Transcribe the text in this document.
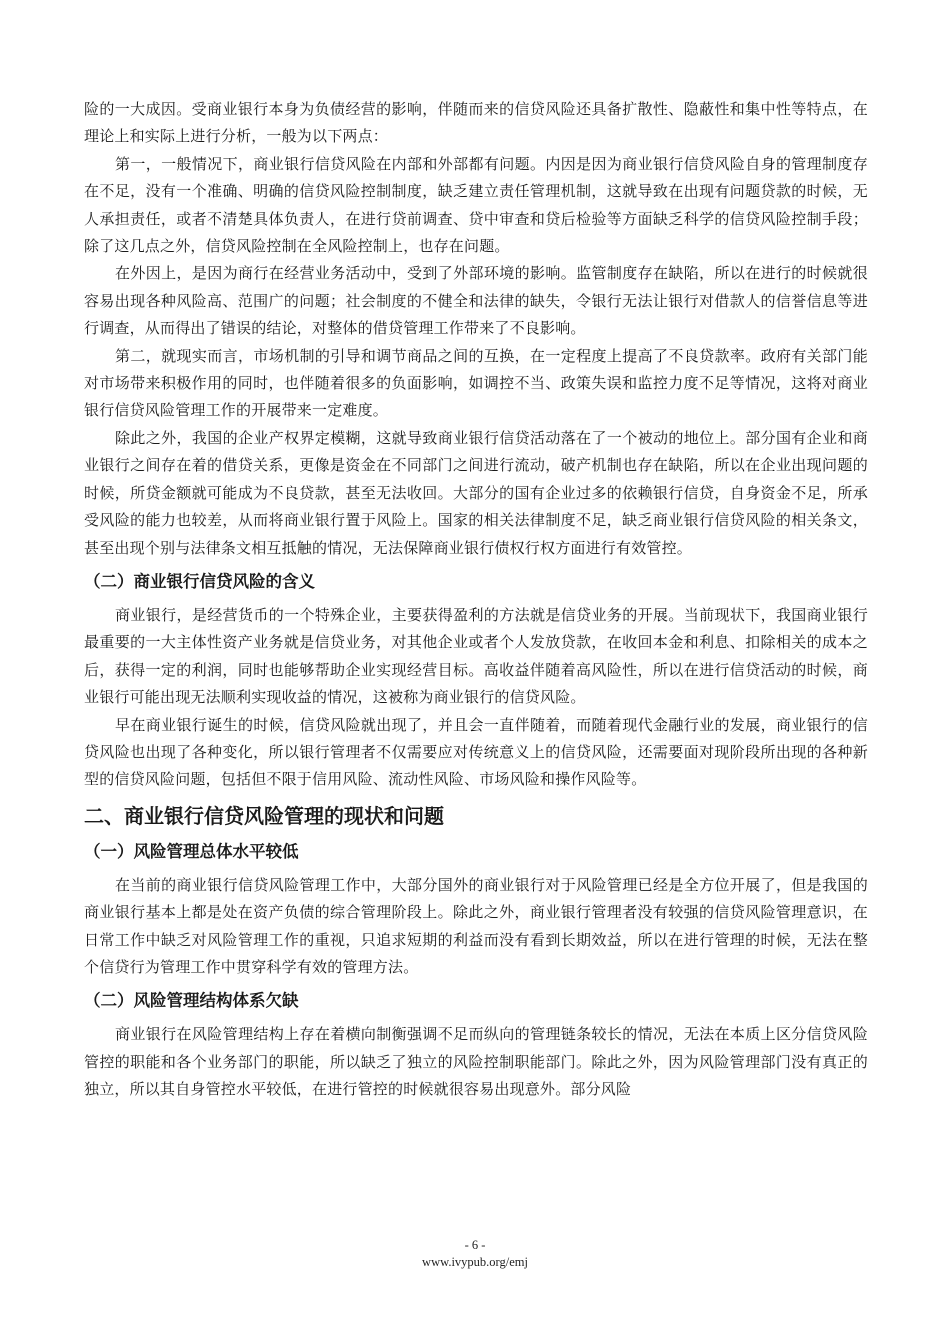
险的一大成因。受商业银行本身为负债经营的影响，伴随而来的信贷风险还具备扩散性、隐蔽性和集中性等特点，在理论上和实际上进行分析，一般为以下两点：

第一，一般情况下，商业银行信贷风险在内部和外部都有问题。内因是因为商业银行信贷风险自身的管理制度存在不足，没有一个准确、明确的信贷风险控制制度，缺乏建立责任管理机制，这就导致在出现有问题贷款的时候，无人承担责任，或者不清楚具体负责人，在进行贷前调查、贷中审查和贷后检验等方面缺乏科学的信贷风险控制手段；除了这几点之外，信贷风险控制在全风险控制上，也存在问题。

在外因上，是因为商行在经营业务活动中，受到了外部环境的影响。监管制度存在缺陷，所以在进行的时候就很容易出现各种风险高、范围广的问题；社会制度的不健全和法律的缺失，令银行无法让银行对借款人的信誉信息等进行调查，从而得出了错误的结论，对整体的借贷管理工作带来了不良影响。

第二，就现实而言，市场机制的引导和调节商品之间的互换，在一定程度上提高了不良贷款率。政府有关部门能对市场带来积极作用的同时，也伴随着很多的负面影响，如调控不当、政策失误和监控力度不足等情况，这将对商业银行信贷风险管理工作的开展带来一定难度。

除此之外，我国的企业产权界定模糊，这就导致商业银行信贷活动落在了一个被动的地位上。部分国有企业和商业银行之间存在着的借贷关系，更像是资金在不同部门之间进行流动，破产机制也存在缺陷，所以在企业出现问题的时候，所贷金额就可能成为不良贷款，甚至无法收回。大部分的国有企业过多的依赖银行信贷，自身资金不足，所承受风险的能力也较差，从而将商业银行置于风险上。国家的相关法律制度不足，缺乏商业银行信贷风险的相关条文，甚至出现个别与法律条文相互抵触的情况，无法保障商业银行债权行权方面进行有效管控。

（二）商业银行信贷风险的含义

商业银行，是经营货币的一个特殊企业，主要获得盈利的方法就是信贷业务的开展。当前现状下，我国商业银行最重要的一大主体性资产业务就是信贷业务，对其他企业或者个人发放贷款，在收回本金和利息、扣除相关的成本之后，获得一定的利润，同时也能够帮助企业实现经营目标。高收益伴随着高风险性，所以在进行信贷活动的时候，商业银行可能出现无法顺利实现收益的情况，这被称为商业银行的信贷风险。

早在商业银行诞生的时候，信贷风险就出现了，并且会一直伴随着，而随着现代金融行业的发展，商业银行的信贷风险也出现了各种变化，所以银行管理者不仅需要应对传统意义上的信贷风险，还需要面对现阶段所出现的各种新型的信贷风险问题，包括但不限于信用风险、流动性风险、市场风险和操作风险等。

二、商业银行信贷风险管理的现状和问题
（一）风险管理总体水平较低

在当前的商业银行信贷风险管理工作中，大部分国外的商业银行对于风险管理已经是全方位开展了，但是我国的商业银行基本上都是处在资产负债的综合管理阶段上。除此之外，商业银行管理者没有较强的信贷风险管理意识，在日常工作中缺乏对风险管理工作的重视，只追求短期的利益而没有看到长期效益，所以在进行管理的时候，无法在整个信贷行为管理工作中贯穿科学有效的管理方法。

（二）风险管理结构体系欠缺

商业银行在风险管理结构上存在着横向制衡强调不足而纵向的管理链条较长的情况，无法在本质上区分信贷风险管控的职能和各个业务部门的职能，所以缺乏了独立的风险控制职能部门。除此之外，因为风险管理部门没有真正的独立，所以其自身管控水平较低，在进行管控的时候就很容易出现意外。部分风险

- 6 -
www.ivypub.org/emj
